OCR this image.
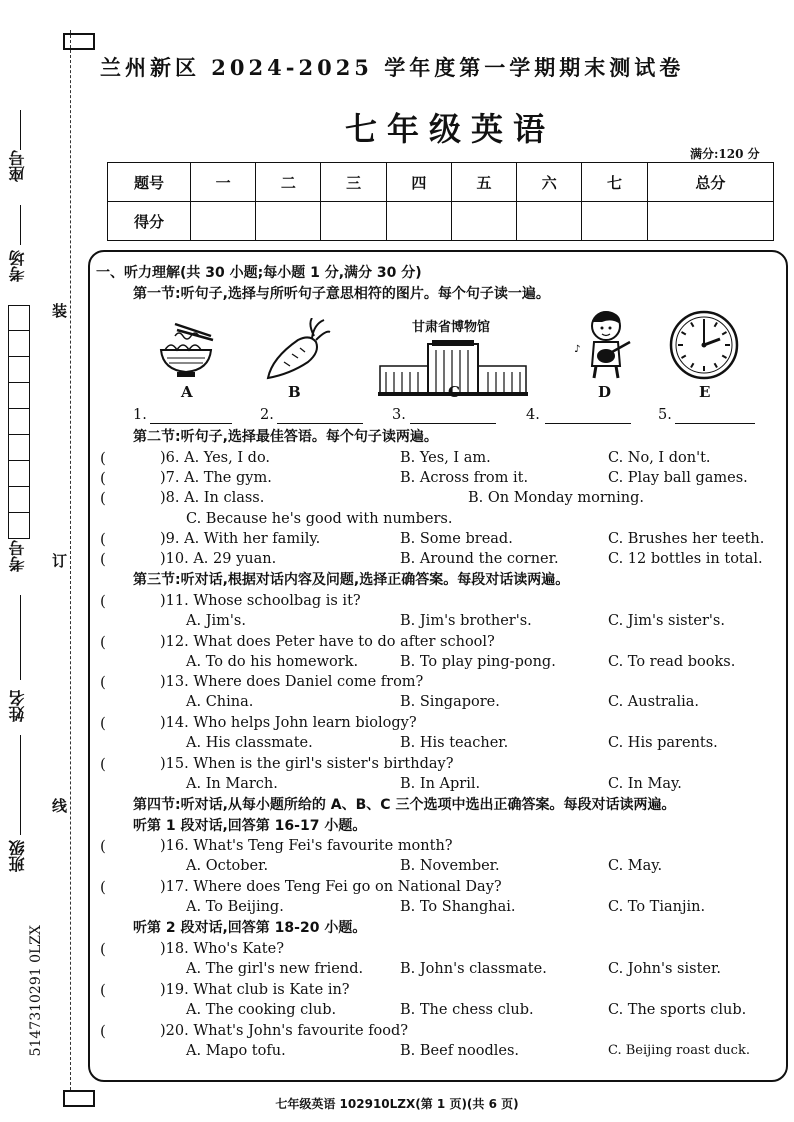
装
订
线
座号
考场
考号
姓名
班级
5147310291 0LZX
兰州新区 2024-2025 学年度第一学期期末测试卷
七年级英语
满分:120 分
题号	一	二	三	四	五	六	七	总分
得分								
一、听力理解(共 30 小题;每小题 1 分,满分 30 分)
第一节:听句子,选择与所听句子意思相符的图片。每个句子读一遍。
甘肃省博物馆
♪
A	B	C	D	E
1.	2.	3.	4.	5.
第二节:听句子,选择最佳答语。每个句子读两遍。
(	)6. A. Yes, I do.	B. Yes, I am.	C. No, I don't.
(	)7. A. The gym.	B. Across from it.	C. Play ball games.
(	)8. A. In class.	B. On Monday morning.
C. Because he's good with numbers.
(	)9. A. With her family.	B. Some bread.	C. Brushes her teeth.
(	)10. A. 29 yuan.	B. Around the corner.	C. 12 bottles in total.
第三节:听对话,根据对话内容及问题,选择正确答案。每段对话读两遍。
(	)11. Whose schoolbag is it?
A. Jim's.	B. Jim's brother's.	C. Jim's sister's.
(	)12. What does Peter have to do after school?
A. To do his homework.	B. To play ping-pong.	C. To read books.
(	)13. Where does Daniel come from?
A. China.	B. Singapore.	C. Australia.
(	)14. Who helps John learn biology?
A. His classmate.	B. His teacher.	C. His parents.
(	)15. When is the girl's sister's birthday?
A. In March.	B. In April.	C. In May.
第四节:听对话,从每小题所给的 A、B、C 三个选项中选出正确答案。每段对话读两遍。
听第 1 段对话,回答第 16-17 小题。
(	)16. What's Teng Fei's favourite month?
A. October.	B. November.	C. May.
(	)17. Where does Teng Fei go on National Day?
A. To Beijing.	B. To Shanghai.	C. To Tianjin.
听第 2 段对话,回答第 18-20 小题。
(	)18. Who's Kate?
A. The girl's new friend.	B. John's classmate.	C. John's sister.
(	)19. What club is Kate in?
A. The cooking club.	B. The chess club.	C. The sports club.
(	)20. What's John's favourite food?
A. Mapo tofu.	B. Beef noodles.	C. Beijing roast duck.
七年级英语 102910LZX(第 1 页)(共 6 页)
